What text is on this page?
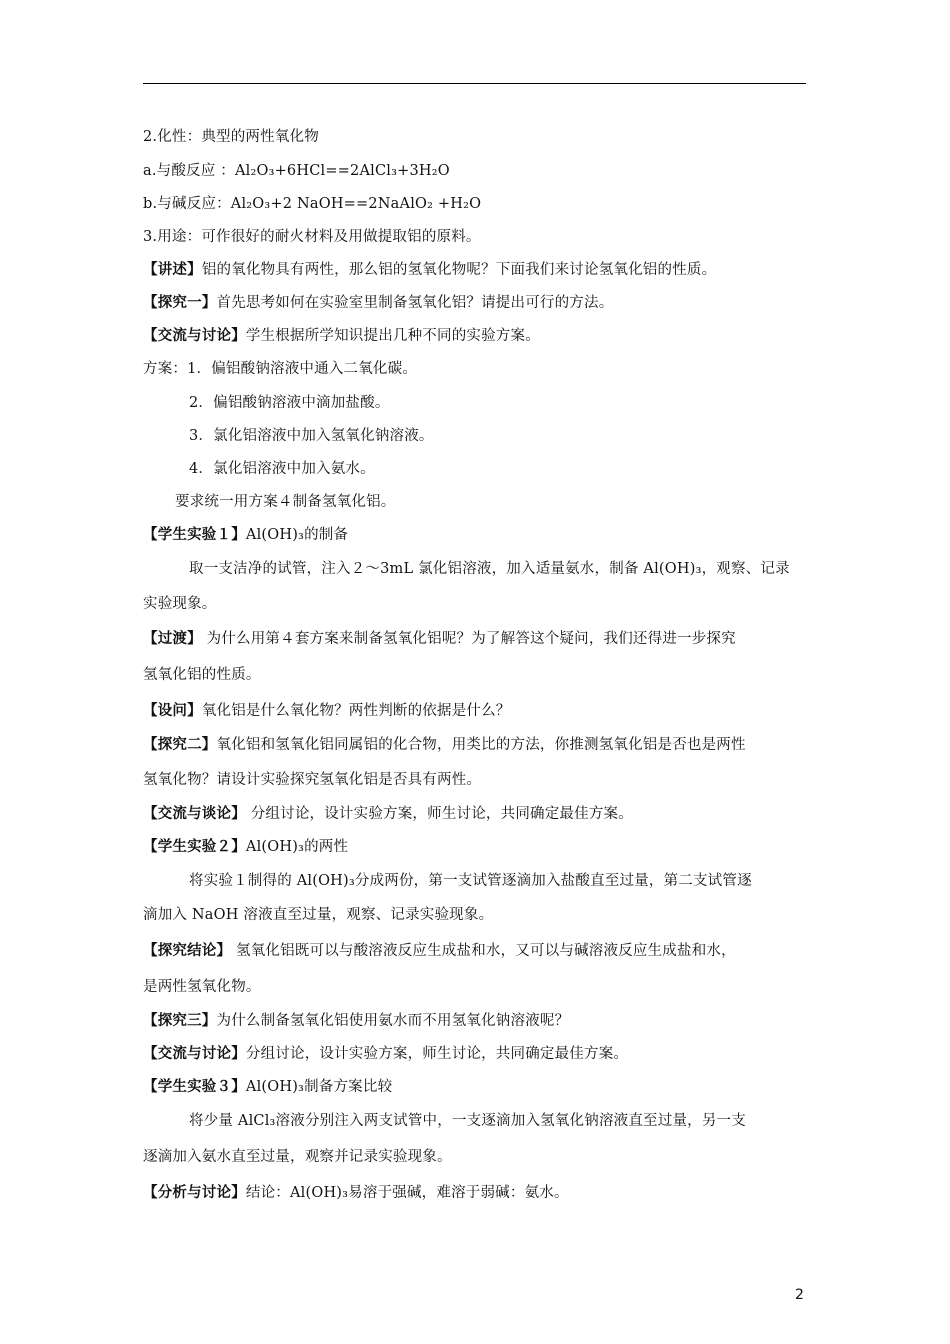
2.化性：典型的两性氧化物
a.与酸反应 ：Al₂O₃+6HCl==2AlCl₃+3H₂O
b.与碱反应：Al₂O₃+2 NaOH==2NaAlO₂ +H₂O
3.用途：可作很好的耐火材料及用做提取铝的原料。
【讲述】铝的氧化物具有两性，那么铝的氢氧化物呢？下面我们来讨论氢氧化铝的性质。
【探究一】首先思考如何在实验室里制备氢氧化铝？请提出可行的方法。
【交流与讨论】学生根据所学知识提出几种不同的实验方案。
方案：1．偏铝酸钠溶液中通入二氧化碳。
2．偏铝酸钠溶液中滴加盐酸。
3．氯化铝溶液中加入氢氧化钠溶液。
4．氯化铝溶液中加入氨水。
要求统一用方案４制备氢氧化铝。
【学生实验１】Al(OH)₃的制备
取一支洁净的试管，注入２～3mL 氯化铝溶液，加入适量氨水，制备 Al(OH)₃，观察、记录
实验现象。
【过渡】 为什么用第４套方案来制备氢氧化铝呢？为了解答这个疑问，我们还得进一步探究
氢氧化铝的性质。
【设问】氧化铝是什么氧化物？两性判断的依据是什么？
【探究二】氧化铝和氢氧化铝同属铝的化合物，用类比的方法，你推测氢氧化铝是否也是两性
氢氧化物？请设计实验探究氢氧化铝是否具有两性。
【交流与谈论】 分组讨论，设计实验方案，师生讨论，共同确定最佳方案。
【学生实验２】Al(OH)₃的两性
将实验１制得的 Al(OH)₃分成两份，第一支试管逐滴加入盐酸直至过量，第二支试管逐
滴加入 NaOH 溶液直至过量，观察、记录实验现象。
【探究结论】 氢氧化铝既可以与酸溶液反应生成盐和水，又可以与碱溶液反应生成盐和水，
是两性氢氧化物。
【探究三】为什么制备氢氧化铝使用氨水而不用氢氧化钠溶液呢？
【交流与讨论】分组讨论，设计实验方案，师生讨论，共同确定最佳方案。
【学生实验３】Al(OH)₃制备方案比较
将少量 AlCl₃溶液分别注入两支试管中，一支逐滴加入氢氧化钠溶液直至过量，另一支
逐滴加入氨水直至过量，观察并记录实验现象。
【分析与讨论】结论：Al(OH)₃易溶于强碱，难溶于弱碱：氨水。
2
